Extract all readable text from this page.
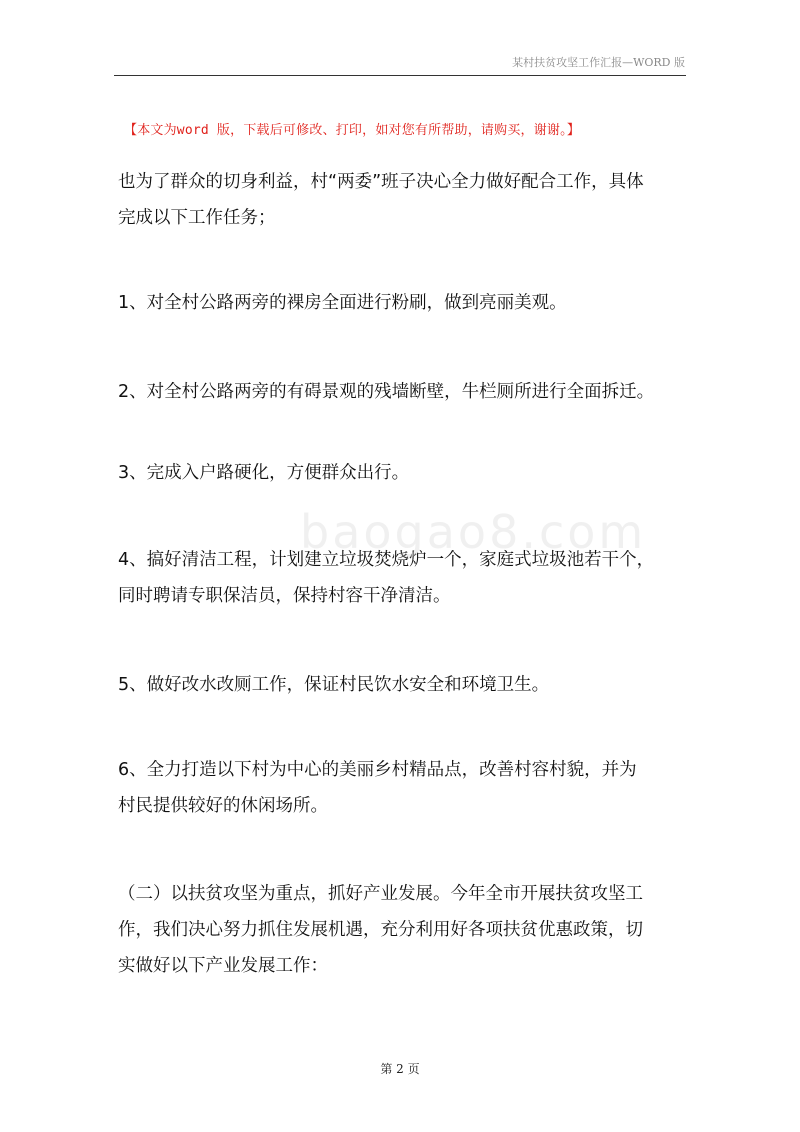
某村扶贫攻坚工作汇报—WORD 版
【本文为word 版，下载后可修改、打印，如对您有所帮助，请购买，谢谢。】
也为了群众的切身利益，村“两委”班子决心全力做好配合工作，具体
完成以下工作任务；
1、对全村公路两旁的裸房全面进行粉刷，做到亮丽美观。
2、对全村公路两旁的有碍景观的残墙断壁，牛栏厕所进行全面拆迁。
3、完成入户路硬化，方便群众出行。
4、搞好清洁工程，计划建立垃圾焚烧炉一个，家庭式垃圾池若干个，
同时聘请专职保洁员，保持村容干净清洁。
5、做好改水改厕工作，保证村民饮水安全和环境卫生。
6、全力打造以下村为中心的美丽乡村精品点，改善村容村貌，并为
村民提供较好的休闲场所。
（二）以扶贫攻坚为重点，抓好产业发展。今年全市开展扶贫攻坚工
作，我们决心努力抓住发展机遇，充分利用好各项扶贫优惠政策，切
实做好以下产业发展工作：
baogao8.com
第 2 页
